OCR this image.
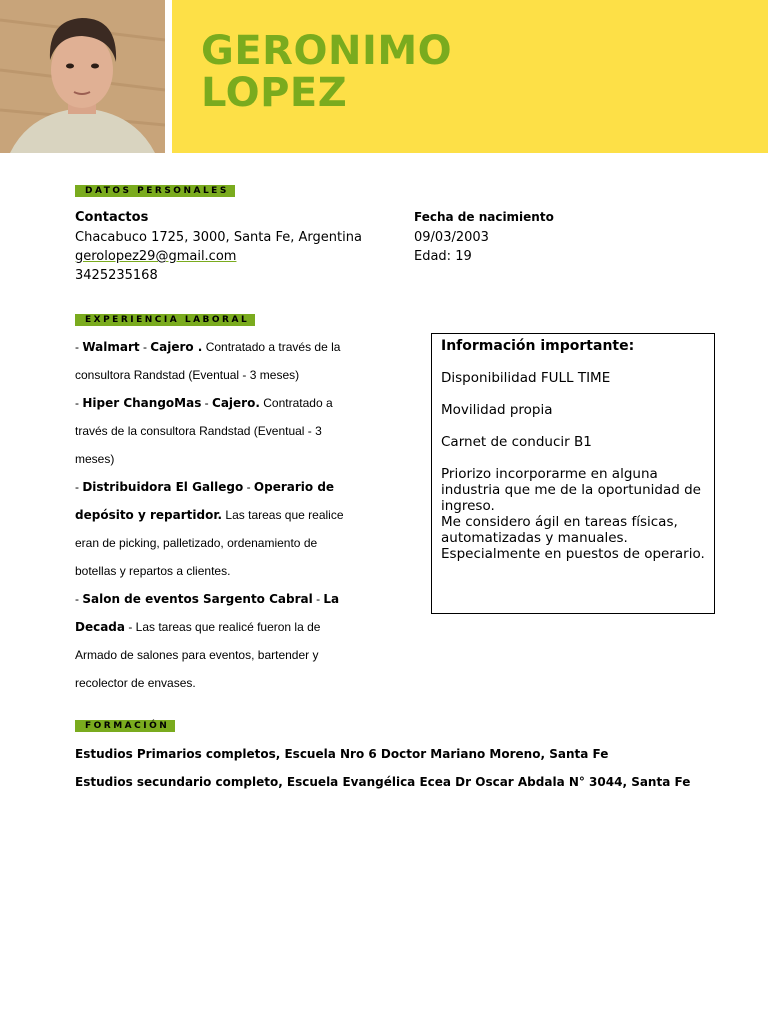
GERONIMO
LOPEZ
DATOS PERSONALES
Contactos
Chacabuco 1725, 3000, Santa Fe, Argentina
gerolopez29@gmail.com
3425235168
Fecha de nacimiento
09/03/2003
Edad: 19
EXPERIENCIA LABORAL

- Walmart - Cajero . Contratado a través de la consultora Randstad (Eventual - 3 meses)

- Hiper ChangoMas - Cajero. Contratado a través de la consultora Randstad (Eventual - 3 meses)

- Distribuidora El Gallego - Operario de depósito y repartidor. Las tareas que realice eran de picking, palletizado, ordenamiento de botellas y repartos a clientes.

- Salon de eventos Sargento Cabral - La Decada - Las tareas que realicé fueron la de Armado de salones para eventos, bartender y recolector de envases.

Información importante:

Disponibilidad FULL TIME

Movilidad propia

Carnet de conducir B1

Priorizo incorporarme en alguna industria que me de la oportunidad de ingreso.
Me considero ágil en tareas físicas, automatizadas y manuales. Especialmente en puestos de operario.
FORMACIÓN
Estudios Primarios completos, Escuela Nro 6 Doctor Mariano Moreno, Santa Fe
Estudios secundario completo, Escuela Evangélica Ecea Dr Oscar Abdala N° 3044, Santa Fe
